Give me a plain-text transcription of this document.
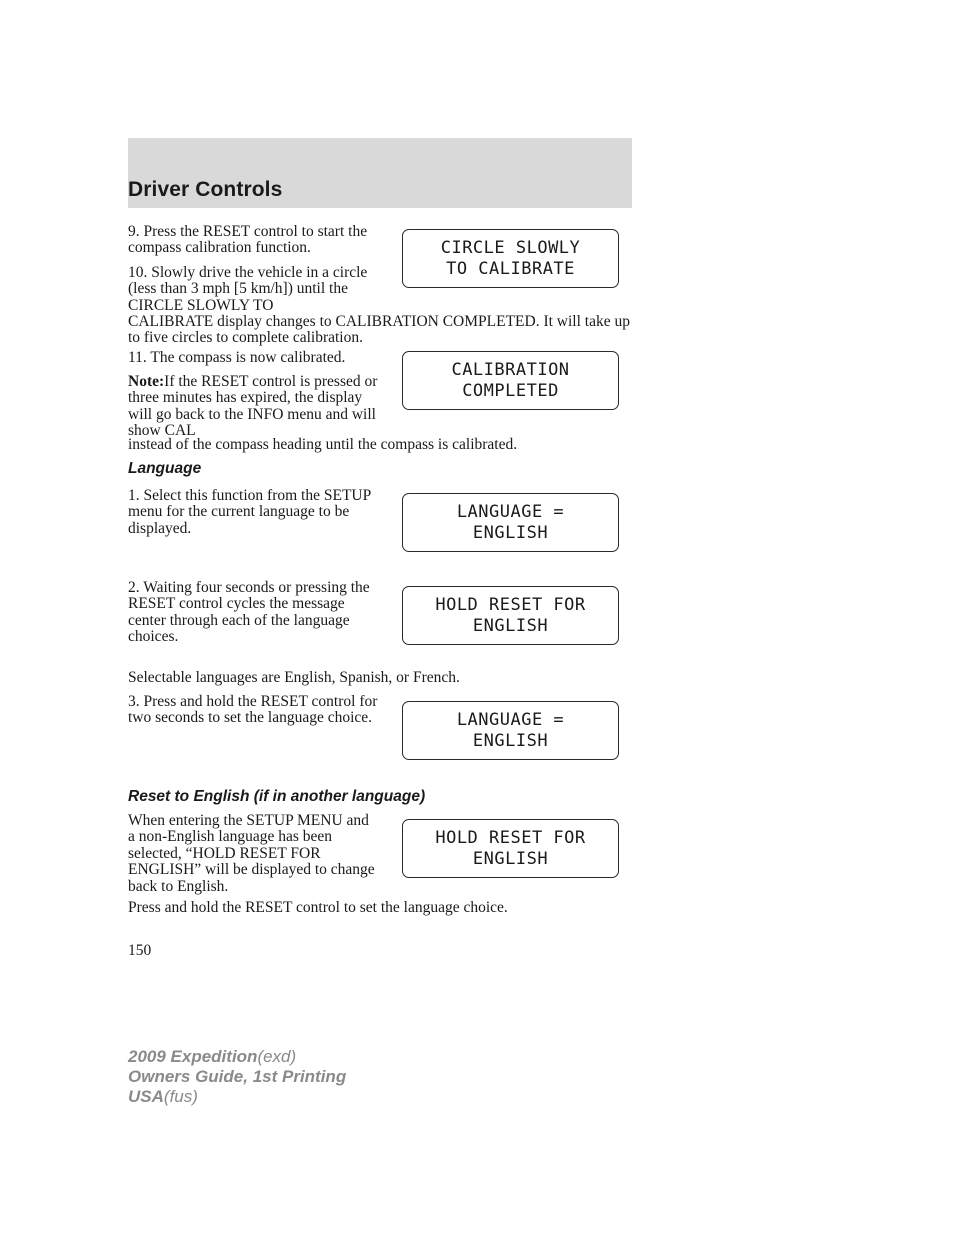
Driver Controls

9. Press the RESET control to start the compass calibration function.	CIRCLE SLOWLY
TO CALIBRATE

10. Slowly drive the vehicle in a circle (less than 3 mph [5 km/h]) until the CIRCLE SLOWLY TO

CALIBRATE display changes to CALIBRATION COMPLETED. It will take up to five circles to complete calibration.

11. The compass is now calibrated.

CALIBRATION
COMPLETED

Note:If the RESET control is pressed or three minutes has expired, the display will go back to the INFO menu and will show CAL

instead of the compass heading until the compass is calibrated.

Language

1. Select this function from the SETUP menu for the current language to be displayed.

LANGUAGE =
ENGLISH

2. Waiting four seconds or pressing the RESET control cycles the message center through each of the language choices.

HOLD RESET FOR
ENGLISH

Selectable languages are English, Spanish, or French.

3. Press and hold the RESET control for two seconds to set the language choice.	LANGUAGE =
ENGLISH
Reset to English (if in another language)

When entering the SETUP MENU and a non-English language has been selected, “HOLD RESET FOR ENGLISH” will be displayed to change back to English.

HOLD RESET FOR
ENGLISH

Press and hold the RESET control to set the language choice.

150
2009 Expedition(exd)
Owners Guide, 1st Printing
USA(fus)
